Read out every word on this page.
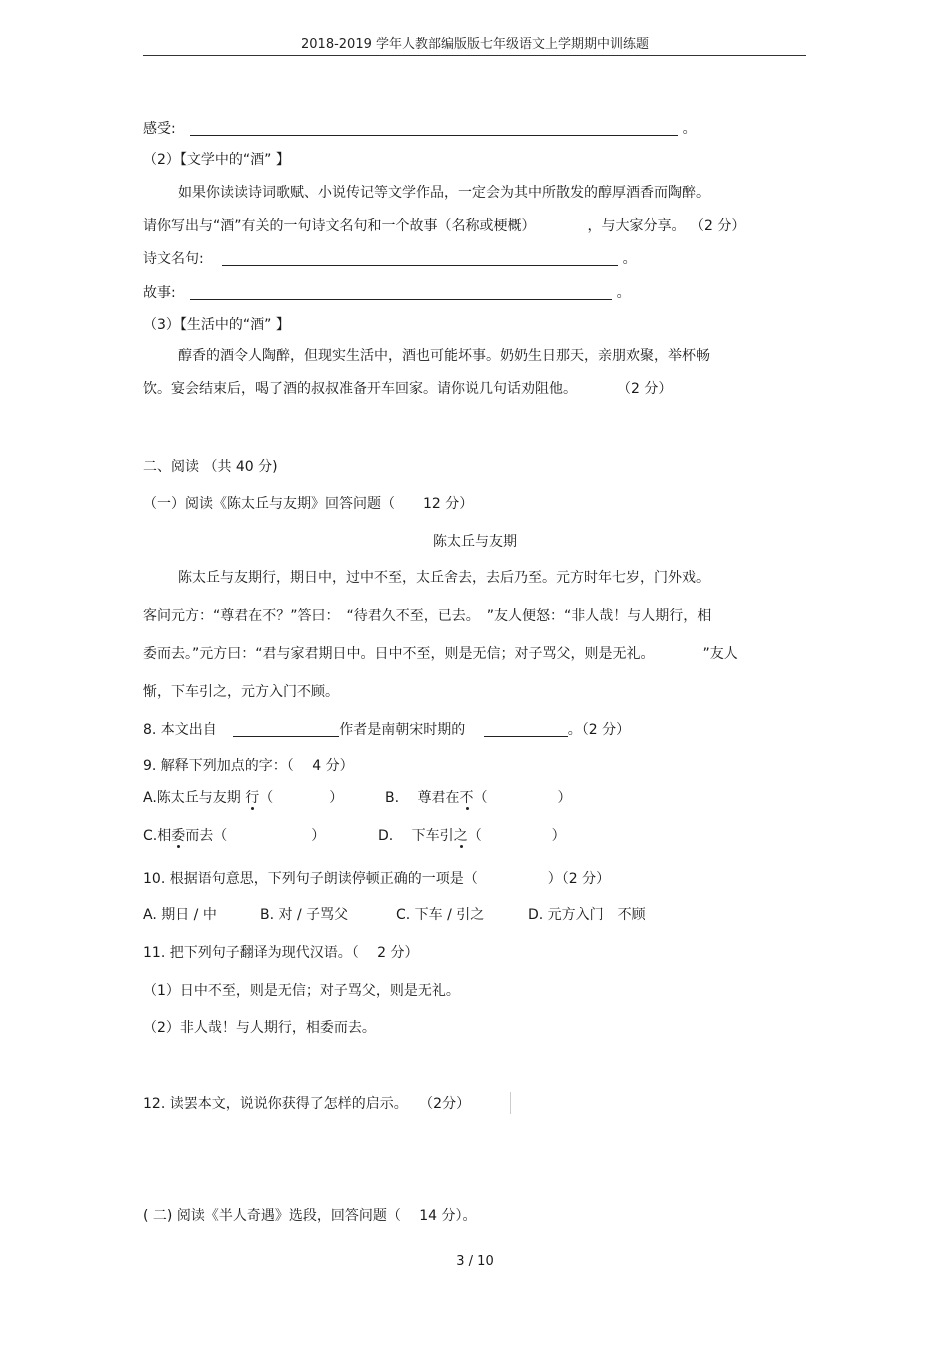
2018-2019 学年人教部编版版七年级语文上学期期中训练题
感受:	。
（2）【文学中的“酒” 】
如果你读读诗词歌赋、小说传记等文学作品，一定会为其中所散发的醇厚酒香而陶醉。
请你写出与“酒”有关的一句诗文名句和一个故事（名称或梗概）	，与大家分享。 （2 分）
诗文名句:	。
故事:	。
（3）【生活中的“酒” 】
醇香的酒令人陶醉，但现实生活中，酒也可能坏事。奶奶生日那天，亲朋欢聚，举杯畅
饮。宴会结束后，喝了酒的叔叔准备开车回家。请你说几句话劝阻他。	（2 分）
二、阅读 （共 40 分)
（一）阅读《陈太丘与友期》回答问题（　　12 分）
陈太丘与友期
陈太丘与友期行，期日中，过中不至，太丘舍去，去后乃至。元方时年七岁，门外戏。
客问元方：“尊君在不？”答曰：　“待君久不至，已去。　”友人便怒：“非人哉！与人期行，相
委而去。”元方曰：“君与家君期日中。日中不至，则是无信；对子骂父，则是无礼。	”友人
惭，下车引之，元方入门不顾。
8. 本文出自	作者是南朝宋时期的	。（2 分）
9. 解释下列加点的字：（　 4 分）
A.陈太丘与友期 行（　　　　）	B.　 尊君在不（　　　　　）
C.相委而去（　　　　　　）	D.　 下车引之（　　　　　）
10. 根据语句意思，下列句子朗读停顿正确的一项是（　　　　　）（2 分）
A. 期日 / 中	B. 对 / 子骂父	C. 下车 / 引之	D. 元方入门　不顾
11. 把下列句子翻译为现代汉语。（　 2 分）
（1）日中不至，则是无信；对子骂父，则是无礼。
（2）非人哉！与人期行，相委而去。
12. 读罢本文，说说你获得了怎样的启示。　 （2分）
( 二) 阅读《半人奇遇》选段，回答问题（　 14 分）。
3 / 10
